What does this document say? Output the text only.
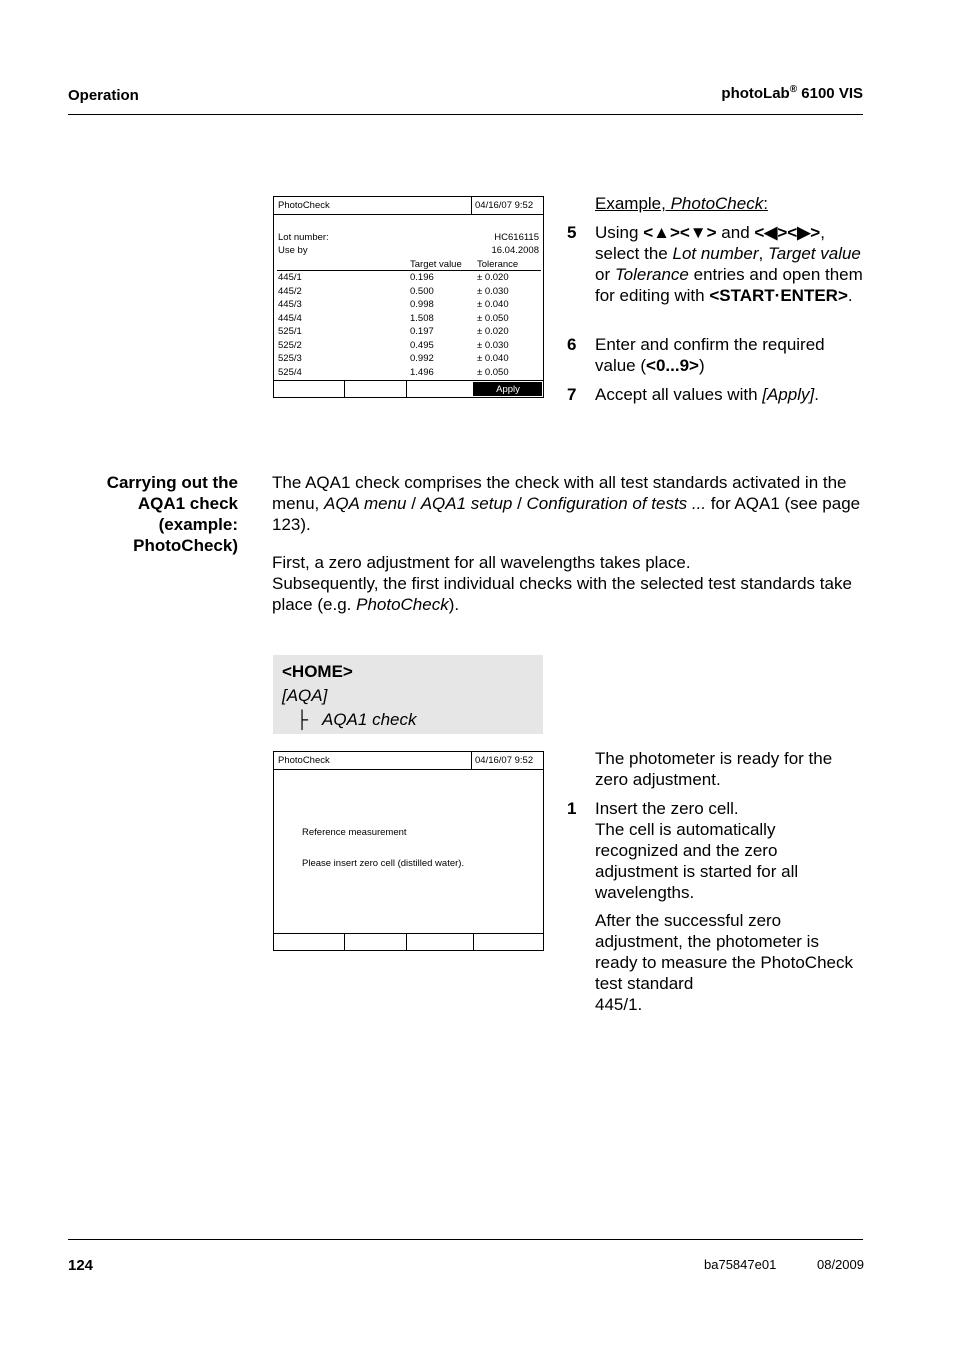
Operation	photoLab® 6100 VIS
PhotoCheck	04/16/07 9:52
Lot number:	HC616115
Use by	16.04.2008
Target value Tolerance
445/1	0.196	± 0.020
445/2	0.500	± 0.030
445/3	0.998	± 0.040
445/4	1.508	± 0.050
525/1	0.197	± 0.020
525/2	0.495	± 0.030
525/3	0.992	± 0.040
525/4	1.496	± 0.050
Apply
Example, PhotoCheck:
5 Using <▲><▼> and <◀><▶>, select the Lot number, Target value or Tolerance entries and open them for editing with <START·ENTER>.
6 Enter and confirm the required value (<0...9>)
7 Accept all values with [Apply].
Carrying out the
AQA1 check
(example:
PhotoCheck)
The AQA1 check comprises the check with all test standards activated in the menu, AQA menu / AQA1 setup / Configuration of tests ... for AQA1 (see page 123).
First, a zero adjustment for all wavelengths takes place.
Subsequently, the first individual checks with the selected test standards take place (e.g. PhotoCheck).
<HOME>
[AQA]
├ AQA1 check
PhotoCheck	04/16/07 9:52
Reference measurement
Please insert zero cell (distilled water).
The photometer is ready for the zero adjustment.
1 Insert the zero cell.
The cell is automatically recognized and the zero adjustment is started for all wavelengths.
After the successful zero adjustment, the photometer is ready to measure the PhotoCheck test standard
445/1.
124	ba75847e01	08/2009
